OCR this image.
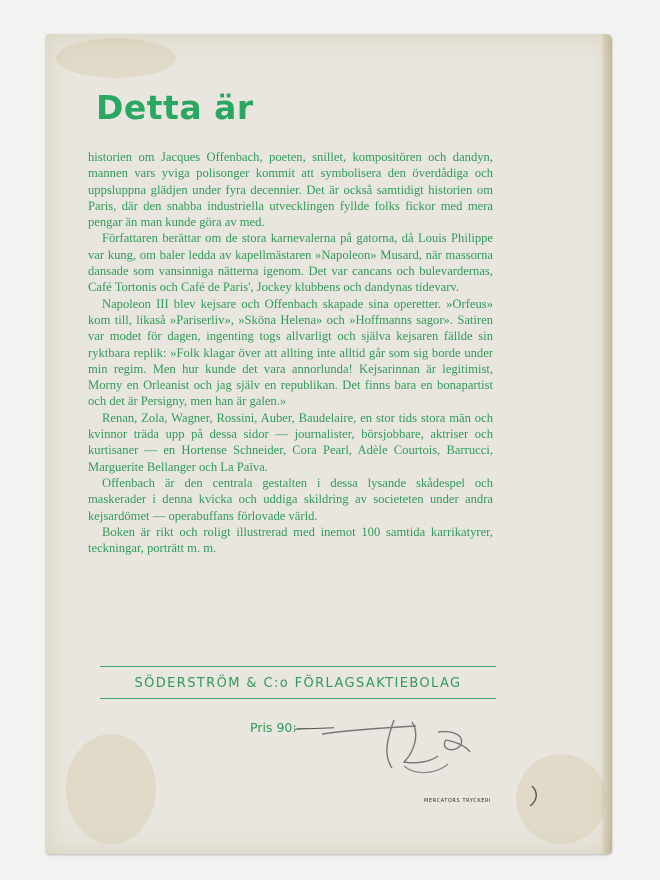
Detta är

historien om Jacques Offenbach, poeten, snillet, kompositören och dandyn, mannen vars yviga polisonger kommit att symbolisera den överdådiga och uppsluppna glädjen under fyra decennier. Det är också samtidigt historien om Paris, där den snabba industriella utvecklingen fyllde folks fickor med mera pengar än man kunde göra av med.

Författaren berättar om de stora karnevalerna på gatorna, då Louis Philippe var kung, om baler ledda av kapellmästaren »Napoleon» Musard, när massorna dansade som vansinniga nätterna igenom. Det var cancans och bulevardernas, Café Tortonis och Café de Paris', Jockey klubbens och dandynas tidevarv.

Napoleon III blev kejsare och Offenbach skapade sina operetter. »Orfeus» kom till, likaså »Pariserliv», »Sköna Helena» och »Hoffmanns sagor». Satiren var modet för dagen, ingenting togs allvarligt och själva kejsaren fällde sin ryktbara replik: »Folk klagar över att allting inte alltid går som sig borde under min regim. Men hur kunde det vara annorlunda! Kejsarinnan är legitimist, Morny en Orleanist och jag själv en republikan. Det finns bara en bonapartist och det är Persigny, men han är galen.»

Renan, Zola, Wagner, Rossini, Auber, Baudelaire, en stor tids stora män och kvinnor träda upp på dessa sidor — journalister, börsjobbare, aktriser och kurtisaner — en Hortense Schneider, Cora Pearl, Adèle Courtois, Barrucci, Marguerite Bellanger och La Païva.

Offenbach är den centrala gestalten i dessa lysande skådespel och maskerader i denna kvicka och uddiga skildring av societeten under andra kejsardömet — operabuffans förlovade värld.

Boken är rikt och roligt illustrerad med inemot 100 samtida karrikatyrer, teckningar, porträtt m. m.

SÖDERSTRÖM & C:o FÖRLAGSAKTIEBOLAG
Pris 90:—
MERCATORS TRYCKERI
